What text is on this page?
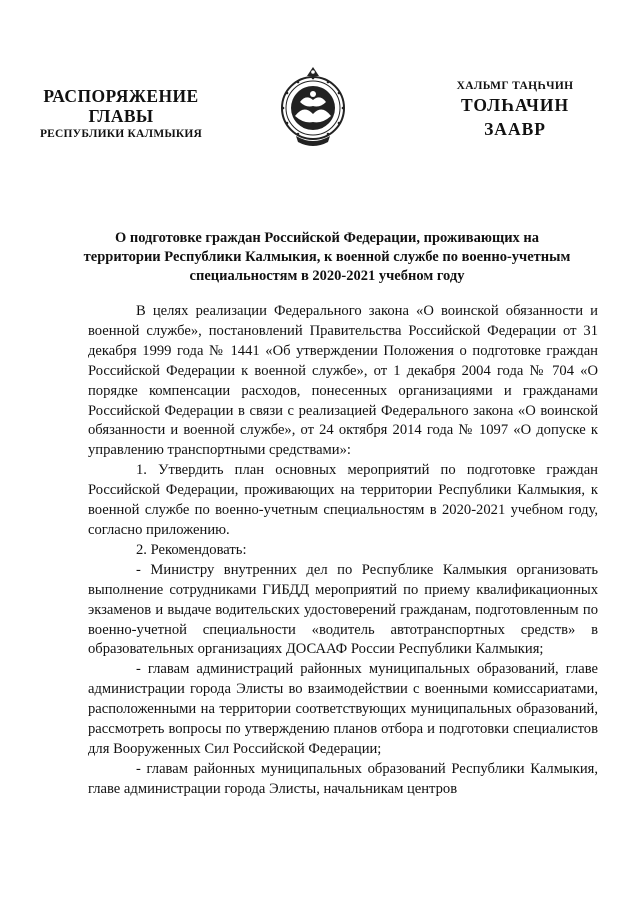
РАСПОРЯЖЕНИЕ
ГЛАВЫ
РЕСПУБЛИКИ КАЛМЫКИЯ
ХАЛЬМГ ТАҢҺЧИН
ТОЛҺАЧИН
ЗААВР
О подготовке граждан Российской Федерации, проживающих на территории Республики Калмыкия, к военной службе по военно-учетным специальностям в 2020-2021 учебном году

В целях реализации Федерального закона «О воинской обязанности и военной службе», постановлений Правительства Российской Федерации от 31 декабря 1999 года № 1441 «Об утверждении Положения о подготовке граждан Российской Федерации к военной службе», от 1 декабря 2004 года № 704 «О порядке компенсации расходов, понесенных организациями и гражданами Российской Федерации в связи с реализацией Федерального закона «О воинской обязанности и военной службе», от 24 октября 2014 года № 1097 «О допуске к управлению транспортными средствами»:

1. Утвердить план основных мероприятий по подготовке граждан Российской Федерации, проживающих на территории Республики Калмыкия, к военной службе по военно-учетным специальностям в 2020-2021 учебном году, согласно приложению.

2. Рекомендовать:

- Министру внутренних дел по Республике Калмыкия организовать выполнение сотрудниками ГИБДД мероприятий по приему квалификационных экзаменов и выдаче водительских удостоверений гражданам, подготовленным по военно-учетной специальности «водитель автотранспортных средств» в образовательных организациях ДОСААФ России Республики Калмыкия;

- главам администраций районных муниципальных образований, главе администрации города Элисты во взаимодействии с военными комиссариатами, расположенными на территории соответствующих муниципальных образований, рассмотреть вопросы по утверждению планов отбора и подготовки специалистов для Вооруженных Сил Российской Федерации;

- главам районных муниципальных образований Республики Калмыкия, главе администрации города Элисты, начальникам центров
